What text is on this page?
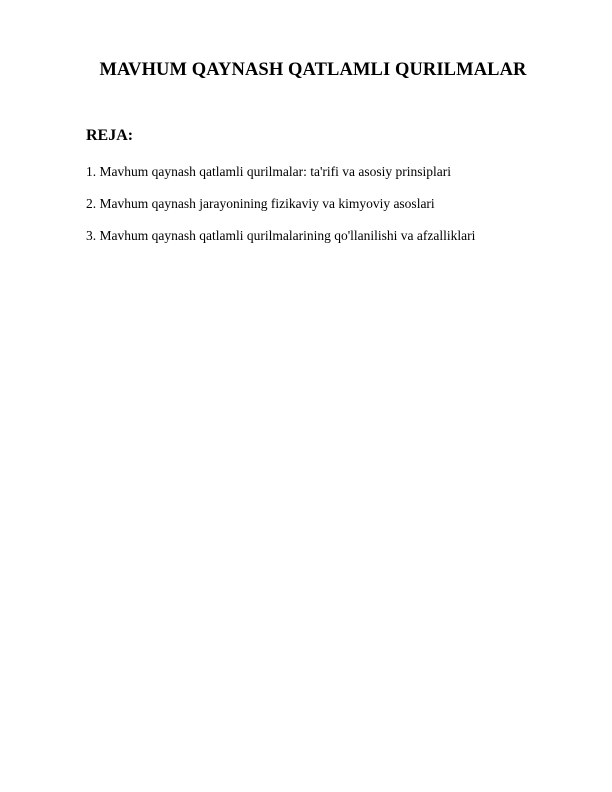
MAVHUM QAYNASH QATLAMLI QURILMALAR
REJA:
1. Mavhum qaynash qatlamli qurilmalar: ta'rifi va asosiy prinsiplari
2. Mavhum qaynash jarayonining fizikaviy va kimyoviy asoslari
3. Mavhum qaynash qatlamli qurilmalarining qo'llanilishi va afzalliklari
